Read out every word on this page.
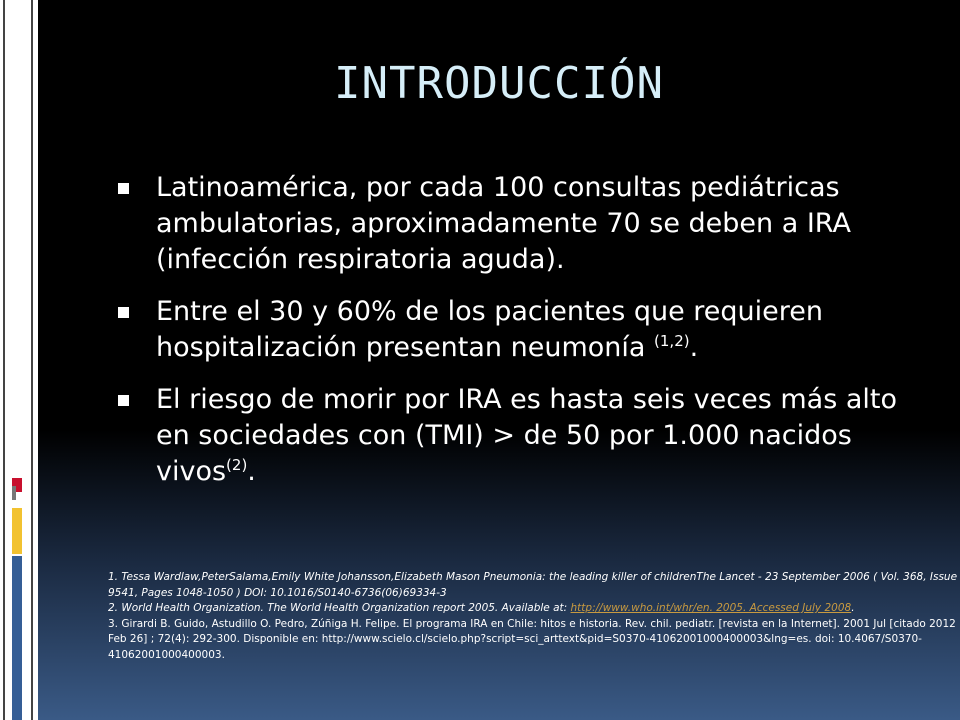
INTRODUCCIÓN
Latinoamérica, por cada 100 consultas pediátricas ambulatorias, aproximadamente 70 se deben a IRA (infección respiratoria aguda).
Entre el 30 y 60% de los pacientes que requieren hospitalización presentan neumonía $^{(1,2)}$.
El riesgo de morir por IRA es hasta seis veces más alto en sociedades con (TMI) > de 50 por 1.000 nacidos vivos$^{(2)}$.

1. Tessa Wardlaw,PeterSalama,Emily White Johansson,Elizabeth Mason Pneumonia: the leading killer of childrenThe Lancet - 23 September 2006 ( Vol. 368, Issue 9541, Pages 1048-1050 ) DOI: 10.1016/S0140-6736(06)69334-3

2. World Health Organization. The World Health Organization report 2005. Available at: http://www.who.int/whr/en. 2005. Accessed July 2008.

3. Girardi B. Guido, Astudillo O. Pedro, Zúñiga H. Felipe. El programa IRA en Chile: hitos e historia. Rev. chil. pediatr. [revista en la Internet]. 2001 Jul [citado 2012 Feb 26] ; 72(4): 292-300. Disponible en: http://www.scielo.cl/scielo.php?script=sci_arttext&pid=S0370-41062001000400003&lng=es. doi: 10.4067/S0370-41062001000400003.
